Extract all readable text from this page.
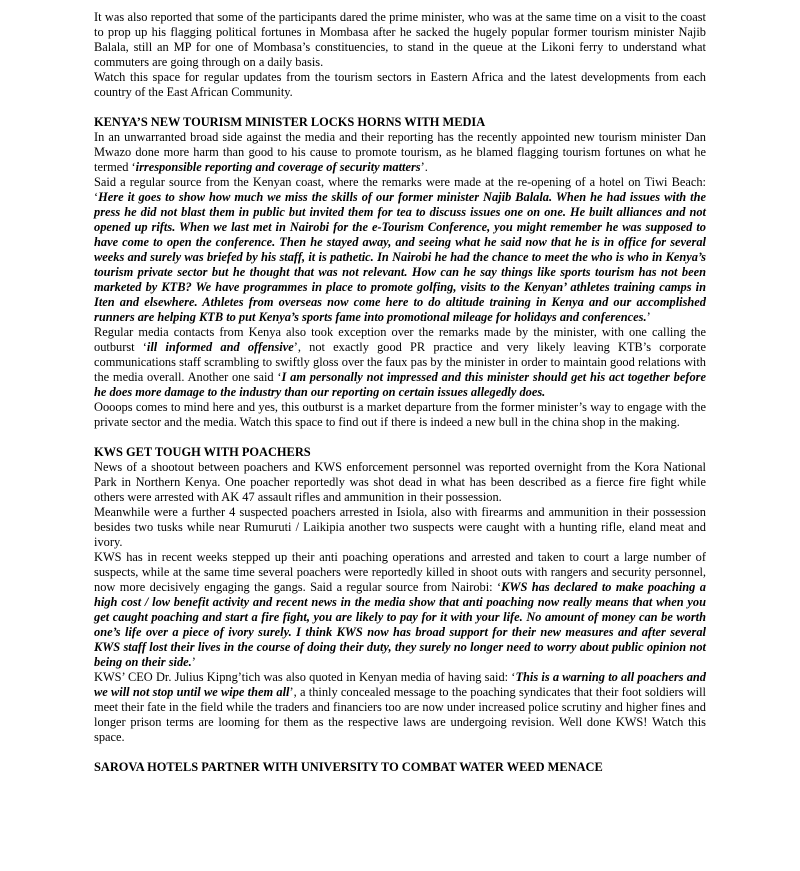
It was also reported that some of the participants dared the prime minister, who was at the same time on a visit to the coast to prop up his flagging political fortunes in Mombasa after he sacked the hugely popular former tourism minister Najib Balala, still an MP for one of Mombasa’s constituencies, to stand in the queue at the Likoni ferry to understand what commuters are going through on a daily basis.

Watch this space for regular updates from the tourism sectors in Eastern Africa and the latest developments from each country of the East African Community.

KENYA’S NEW TOURISM MINISTER LOCKS HORNS WITH MEDIA

In an unwarranted broad side against the media and their reporting has the recently appointed new tourism minister Dan Mwazo done more harm than good to his cause to promote tourism, as he blamed flagging tourism fortunes on what he termed ‘irresponsible reporting and coverage of security matters’.

Said a regular source from the Kenyan coast, where the remarks were made at the re-opening of a hotel on Tiwi Beach: ‘Here it goes to show how much we miss the skills of our former minister Najib Balala. When he had issues with the press he did not blast them in public but invited them for tea to discuss issues one on one. He built alliances and not opened up rifts. When we last met in Nairobi for the e-Tourism Conference, you might remember he was supposed to have come to open the conference. Then he stayed away, and seeing what he said now that he is in office for several weeks and surely was briefed by his staff, it is pathetic. In Nairobi he had the chance to meet the who is who in Kenya’s tourism private sector but he thought that was not relevant. How can he say things like sports tourism has not been marketed by KTB? We have programmes in place to promote golfing, visits to the Kenyan’ athletes training camps in Iten and elsewhere. Athletes from overseas now come here to do altitude training in Kenya and our accomplished runners are helping KTB to put Kenya’s sports fame into promotional mileage for holidays and conferences.’

Regular media contacts from Kenya also took exception over the remarks made by the minister, with one calling the outburst ‘ill informed and offensive’, not exactly good PR practice and very likely leaving KTB’s corporate communications staff scrambling to swiftly gloss over the faux pas by the minister in order to maintain good relations with the media overall. Another one said ‘I am personally not impressed and this minister should get his act together before he does more damage to the industry than our reporting on certain issues allegedly does.

Oooops comes to mind here and yes, this outburst is a market departure from the former minister’s way to engage with the private sector and the media. Watch this space to find out if there is indeed a new bull in the china shop in the making.

KWS GET TOUGH WITH POACHERS

News of a shootout between poachers and KWS enforcement personnel was reported overnight from the Kora National Park in Northern Kenya. One poacher reportedly was shot dead in what has been described as a fierce fire fight while others were arrested with AK 47 assault rifles and ammunition in their possession.

Meanwhile were a further 4 suspected poachers arrested in Isiola, also with firearms and ammunition in their possession besides two tusks while near Rumuruti / Laikipia another two suspects were caught with a hunting rifle, eland meat and ivory.

KWS has in recent weeks stepped up their anti poaching operations and arrested and taken to court a large number of suspects, while at the same time several poachers were reportedly killed in shoot outs with rangers and security personnel, now more decisively engaging the gangs. Said a regular source from Nairobi: ‘KWS has declared to make poaching a high cost / low benefit activity and recent news in the media show that anti poaching now really means that when you get caught poaching and start a fire fight, you are likely to pay for it with your life. No amount of money can be worth one’s life over a piece of ivory surely. I think KWS now has broad support for their new measures and after several KWS staff lost their lives in the course of doing their duty, they surely no longer need to worry about public opinion not being on their side.’

KWS’ CEO Dr. Julius Kipng’tich was also quoted in Kenyan media of having said: ‘This is a warning to all poachers and we will not stop until we wipe them all’, a thinly concealed message to the poaching syndicates that their foot soldiers will meet their fate in the field while the traders and financiers too are now under increased police scrutiny and higher fines and longer prison terms are looming for them as the respective laws are undergoing revision. Well done KWS! Watch this space.

SAROVA HOTELS PARTNER WITH UNIVERSITY TO COMBAT WATER WEED MENACE
